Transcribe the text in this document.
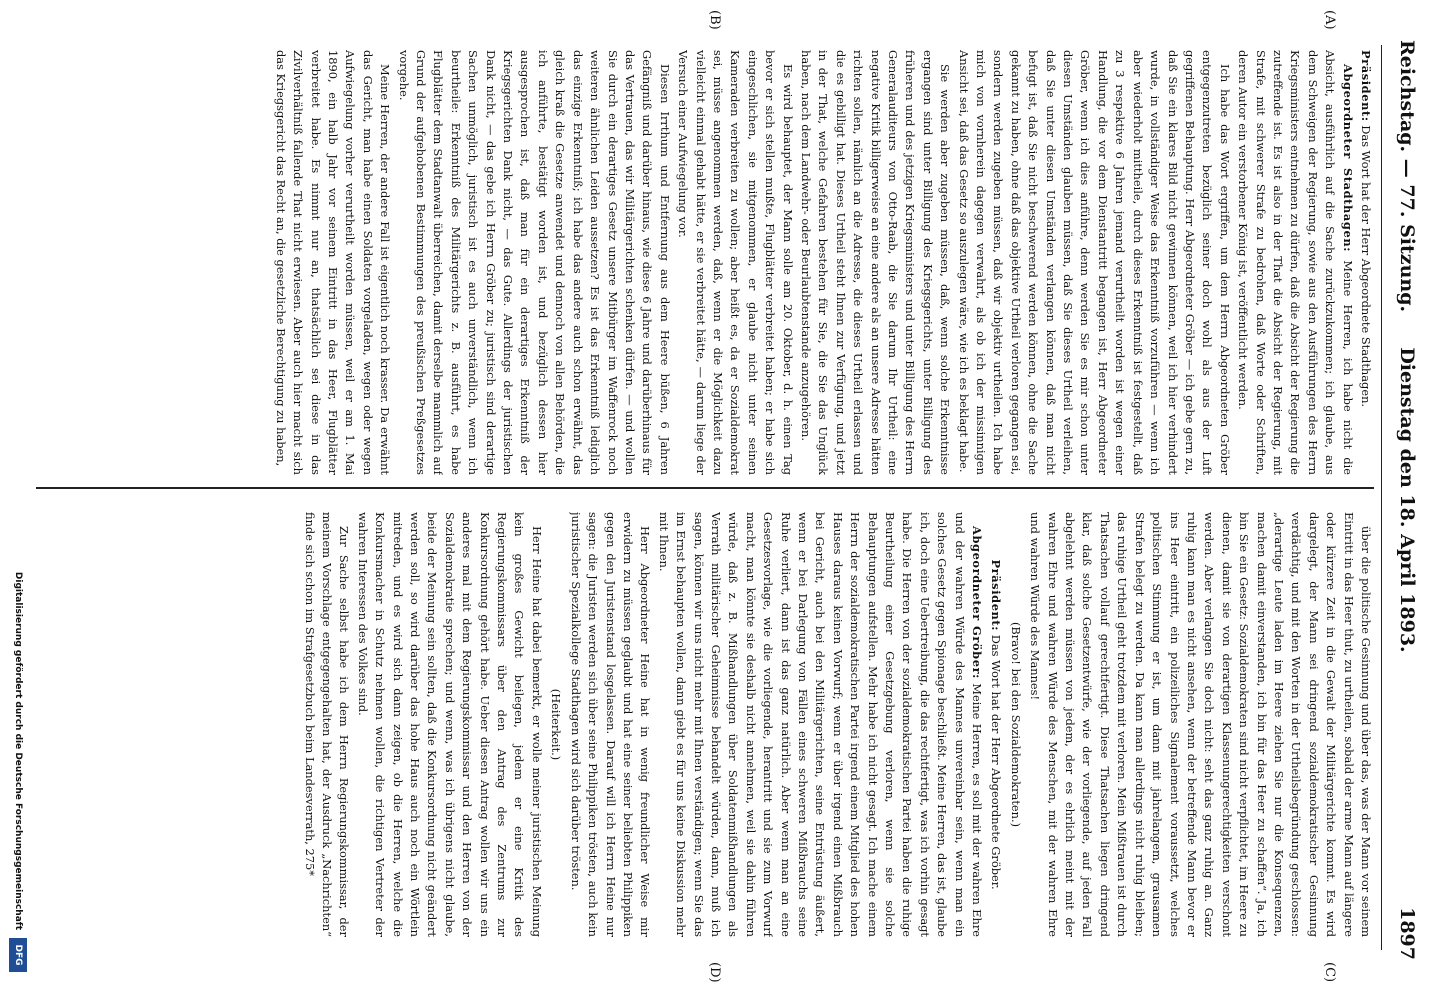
Reichstag. — 77. Sitzung.
Dienstag den 18. April 1893.
1897
(A)
(B)
(C)
(D)

Präsident: Das Wort hat der Herr Abgeordnete Stadthagen.

Abgeordneter Stadthagen: Meine Herren, ich habe nicht die Absicht, ausführlich auf die Sache zurückzukommen; ich glaube, aus dem Schweigen der Regierung, sowie aus den Ausführungen des Herrn Kriegsministers entnehmen zu dürfen, daß die Absicht der Regierung die zutreffende ist. Es ist also in der That die Absicht der Regierung, mit Strafe, mit schwerer Strafe zu bedrohen, daß Worte oder Schriften, deren Autor ein verstorbener König ist, veröffentlicht werden.

Ich habe das Wort ergriffen, um dem Herrn Abgeordneten Gröber entgegenzutreten bezüglich seiner doch wohl als aus der Luft gegriffenen Behauptung. Herr Abgeordneter Gröber — ich gebe gern zu, daß Sie ein klares Bild nicht gewinnen können, weil ich hier verhindert wurde, in vollständiger Weise das Erkenntniß vorzuführen — wenn ich aber wiederholt mittheile, durch dieses Erkenntniß ist festgestellt, daß zu 3 respektive 6 Jahren jemand verurtheilt worden ist wegen einer Handlung, die vor dem Dienstantritt begangen ist, Herr Abgeordneter Gröber, wenn ich dies anführe, denn werden Sie es mir schon unter diesen Umständen glauben müssen, daß Sie dieses Urtheil verleihen, daß Sie unter diesen Umständen verlangen können, daß man nicht befugt ist, daß Sie nicht beschwerend werden können, ohne die Sache gekannt zu haben, ohne daß das objektive Urtheil verloren gegangen sei, sondern werden zugeben müssen, daß wir objektiv urtheilen. Ich habe mich von vornherein dagegen verwahrt, als ob ich der missinnigen Ansicht sei, daß das Gesetz so auszulegen wäre, wie ich es beklagt habe.

Sie werden aber zugeben müssen, daß, wenn solche Erkenntnisse ergangen sind unter Billigung des Kriegsgerichts, unter Billigung des früheren und des jetzigen Kriegsministers und unter Billigung des Herrn Generalauditeurs von Otto-Raab, die Sie darum Ihr Urtheil: eine negative Kritik billigerweise an eine andere als an unsere Adresse hätten richten sollen, nämlich an die Adresse, die dieses Urtheil erlassen und die es gebilligt hat. Dieses Urtheil steht Ihnen zur Verfügung, und jetzt in der That, welche Gefahren bestehen für Sie, die Sie das Unglück haben, nach dem Landwehr- oder Beurlaubtenstande anzugehören.

Es wird behauptet, der Mann solle am 20. Oktober, d. h. einen Tag bevor er sich stellen mußte, Flugblätter verbreitet haben; er habe sich eingeschlichen, sie mitgenommen, er glaube nicht unter seinen Kameraden verbreiten zu wollen; aber heißt es, da er Sozialdemokrat sei, müsse angenommen werden, daß, wenn er die Möglichkeit dazu vielleicht einmal gehabt hätte, er sie verbreitet hätte, — darum liege der Versuch einer Aufwiegelung vor.

Diesen Irrthum und Entfernung aus dem Heere büßen, 6 Jahren Gefängniß und darüber hinaus, wie diese 6 Jahre und darüberhinaus für das Vertrauen, das wir Militärgerichten schenken dürfen. — und wollen Sie durch ein derartiges Gesetz unsere Mitbürger im Waffenrock noch weiteren ähnlichen Leiden aussetzen? Es ist das Erkenntniß lediglich das einzige Erkenntniß; ich habe das andere auch schon erwähnt, das gleich kraß die Gesetze anwendet und dennoch von allen Behörden, die ich anführte, bestätigt worden ist, und bezüglich dessen hier ausgesprochen ist, daß man für ein derartiges Erkenntniß der Kriegsgerichten Dank nicht, — das Gute. Allerdings der juristischen Dank nicht, — das gebe ich Herrn Gröber zu; juristisch sind derartige Sachen unmöglich, juristisch ist es auch unverständlich, wenn ich beurtheile: Erkenntniß des Militärgerichts z. B. ausführt, es habe Flugblätter dem Stadtanwalt überreichen, damit derselbe mammlich auf Grund der aufgehobenen Bestimmungen des preußischen Preßgesetzes vorgehe.

Meine Herren, der andere Fall ist eigentlich noch krasser. Da erwähnt das Gericht, man habe einen Soldaten vorgeladen, wegen oder wegen Aufwiegelung vorher verurtheilt worden müssen, weil er am 1. Mai 1890, ein halb Jahr vor seinem Eintritt in das Heer, Flugblätter verbreitet habe. Es nimmt nur an, thatsächlich sei diese in das Zivilverhältniß fallende That nicht erwiesen. Aber auch hier macht sich das Kriegsgericht das Recht an, die gesetzliche Berechtigung zu haben,

über die politische Gesinnung und über das, was der Mann vor seinem Eintritt in das Heer thut, zu urtheilen, sobald der arme Mann auf längere oder kürzere Zeit in die Gewalt der Militärgerichte kommt. Es wird dargelegt, der Mann sei dringend sozialdemokratischer Gesinnung verdächtig, und mit den Worten in der Urtheilsbegründung geschlossen: „derartige Leute laden im Heere ziehen Sie nur die Konsequenzen, machen damit einverstanden, ich bin für das Heer zu schaffen“. Ja, ich bin Sie ein Gesetz: Sozialdemokraten sind nicht verpflichtet, im Heere zu dienen, damit sie von derartigen Klassenungerechtigkeiten verschont werden. Aber verlangen Sie doch nicht: seht das ganz ruhig an. Ganz ruhig kann man es nicht ansehen, wenn der betreffende Mann bevor er ins Heer eintritt, ein polizeiliches Signalement voraussetzt, welches politischen Stimmung er ist, um dann mit jahrelangem, grausamen Strafen belegt zu werden. Da kann man allerdings nicht ruhig bleiben; das ruhige Urtheil geht trotzdem mit verloren. Mein Mißtrauen ist durch Thatsachen vollauf gerechtfertigt. Diese Thatsachen liegen dringend klar, daß solche Gesetzentwürfe, wie der vorliegende, auf jeden Fall abgelehnt werden müssen von jedem, der es ehrlich meint mit der wahren Ehre und wahren Würde des Menschen, mit der wahren Ehre und wahren Würde des Mannes!

(Bravo! bei den Sozialdemokraten.)

Präsident: Das Wort hat der Herr Abgeordnete Gröber.

Abgeordneter Gröber: Meine Herren, es soll mit der wahren Ehre und der wahren Würde des Mannes unvereinbar sein, wenn man ein solches Gesetz gegen Spionage beschließt. Meine Herren, das ist, glaube ich, doch eine Uebertreibung, die das rechtfertigt, was ich vorhin gesagt habe. Die Herren von der sozialdemokratischen Partei haben die ruhige Beurtheilung einer Gesetzgebung verloren, wenn sie solche Behauptungen aufstellen. Mehr habe ich nicht gesagt. Ich mache einem Herrn der sozialdemokratischen Partei irgend einem Mitglied des hohen Hauses daraus keinen Vorwurf; wenn er über irgend einen Mißbrauch bei Gericht, auch bei den Militärgerichten, seine Entrüstung äußert, wenn er bei Darlegung von Fällen eines schweren Mißbrauchs seine Ruhe verliert, dann ist das ganz natürlich. Aber wenn man an eine Gesetzesvorlage, wie die vorliegende, herantritt und sie zum Vorwurf macht, man könnte sie deshalb nicht annehmen, weil sie dahin führen würde, daß z. B. Mißhandlungen über Soldatenmißhandlungen als Verrath militärischer Geheimnisse behandelt würden, dann, muß ich sagen, können wir uns nicht mehr mit Ihnen verständigen; wenn Sie das im Ernst behaupten wollen, dann giebt es für uns keine Diskussion mehr mit Ihnen.

Herr Abgeordneter Heine hat in wenig freundlicher Weise mir erwidern zu müssen geglaubt und hat eine seiner beliebten Philippiken gegen den Juristenstand losgelassen. Darauf will ich Herrn Heine nur sagen: die Juristen werden sich über seine Philippiken trösten, auch kein juristischer Spezialkollege Stadthagen wird sich darüber trösten.

(Heiterkeit.)

Herr Heine hat dabei bemerkt, er wolle meiner juristischen Meinung kein großes Gewicht beilegen, jedem er eine Kritik des Regierungskommissars über den Antrag des Zentrums zur Konkursordnung gehört habe. Ueber diesen Antrag wollen wir uns ein anderes mal mit dem Regierungskommissar und den Herren von der Sozialdemokratie sprechen; und wenn, was ich übrigens nicht glaube, beide der Meinung sein sollten, daß die Konkursordnung nicht geändert werden soll, so wird darüber das hohe Haus auch noch ein Wörtlein mitreden, und es wird sich dann zeigen, ob die Herren, welche die Konkursmacher in Schutz nehmen wollen, die richtigen Vertreter der wahren Interessen des Volkes sind.

Zur Sache selbst habe ich dem Herrn Regierungskommissar, der meinem Vorschlage entgegengehalten hat, der Ausdruck „Nachrichten“ finde sich schon im Strafgesetzbuch beim Landesverrath, 275*

Digitalisierung gefördert durch die Deutsche Forschungsgemeinschaft
DFG
